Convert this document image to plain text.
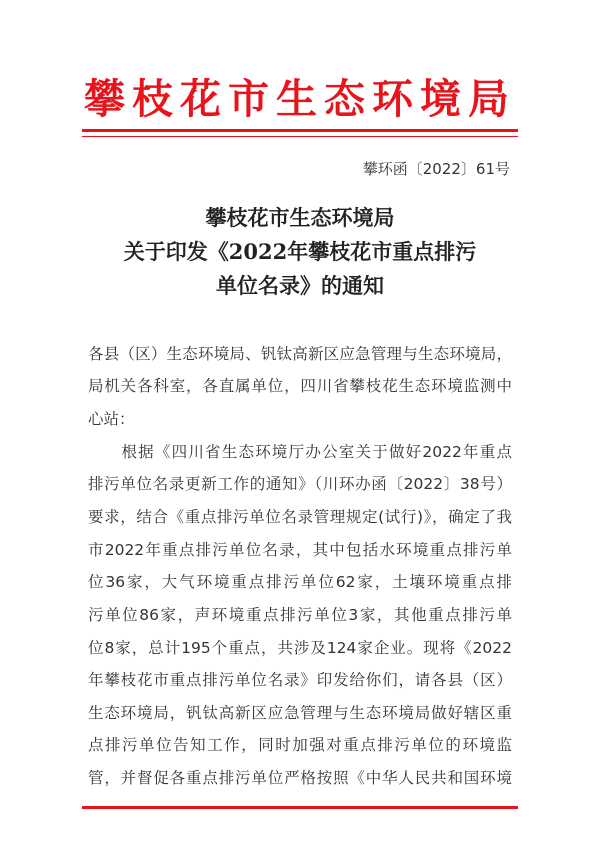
攀枝花市生态环境局
攀环函〔2022〕61号
攀枝花市生态环境局
关于印发《2022年攀枝花市重点排污
单位名录》的通知
各县（区）生态环境局、钒钛高新区应急管理与生态环境局，
局机关各科室，各直属单位，四川省攀枝花生态环境监测中
心站：
　　根据《四川省生态环境厅办公室关于做好2022年重点
排污单位名录更新工作的通知》（川环办函〔2022〕38号）
要求，结合《重点排污单位名录管理规定(试行)》，确定了我
市2022年重点排污单位名录，其中包括水环境重点排污单
位36家，大气环境重点排污单位62家，土壤环境重点排
污单位86家，声环境重点排污单位3家，其他重点排污单
位8家，总计195个重点，共涉及124家企业。现将《2022
年攀枝花市重点排污单位名录》印发给你们，请各县（区）
生态环境局，钒钛高新区应急管理与生态环境局做好辖区重
点排污单位告知工作，同时加强对重点排污单位的环境监
管，并督促各重点排污单位严格按照《中华人民共和国环境
